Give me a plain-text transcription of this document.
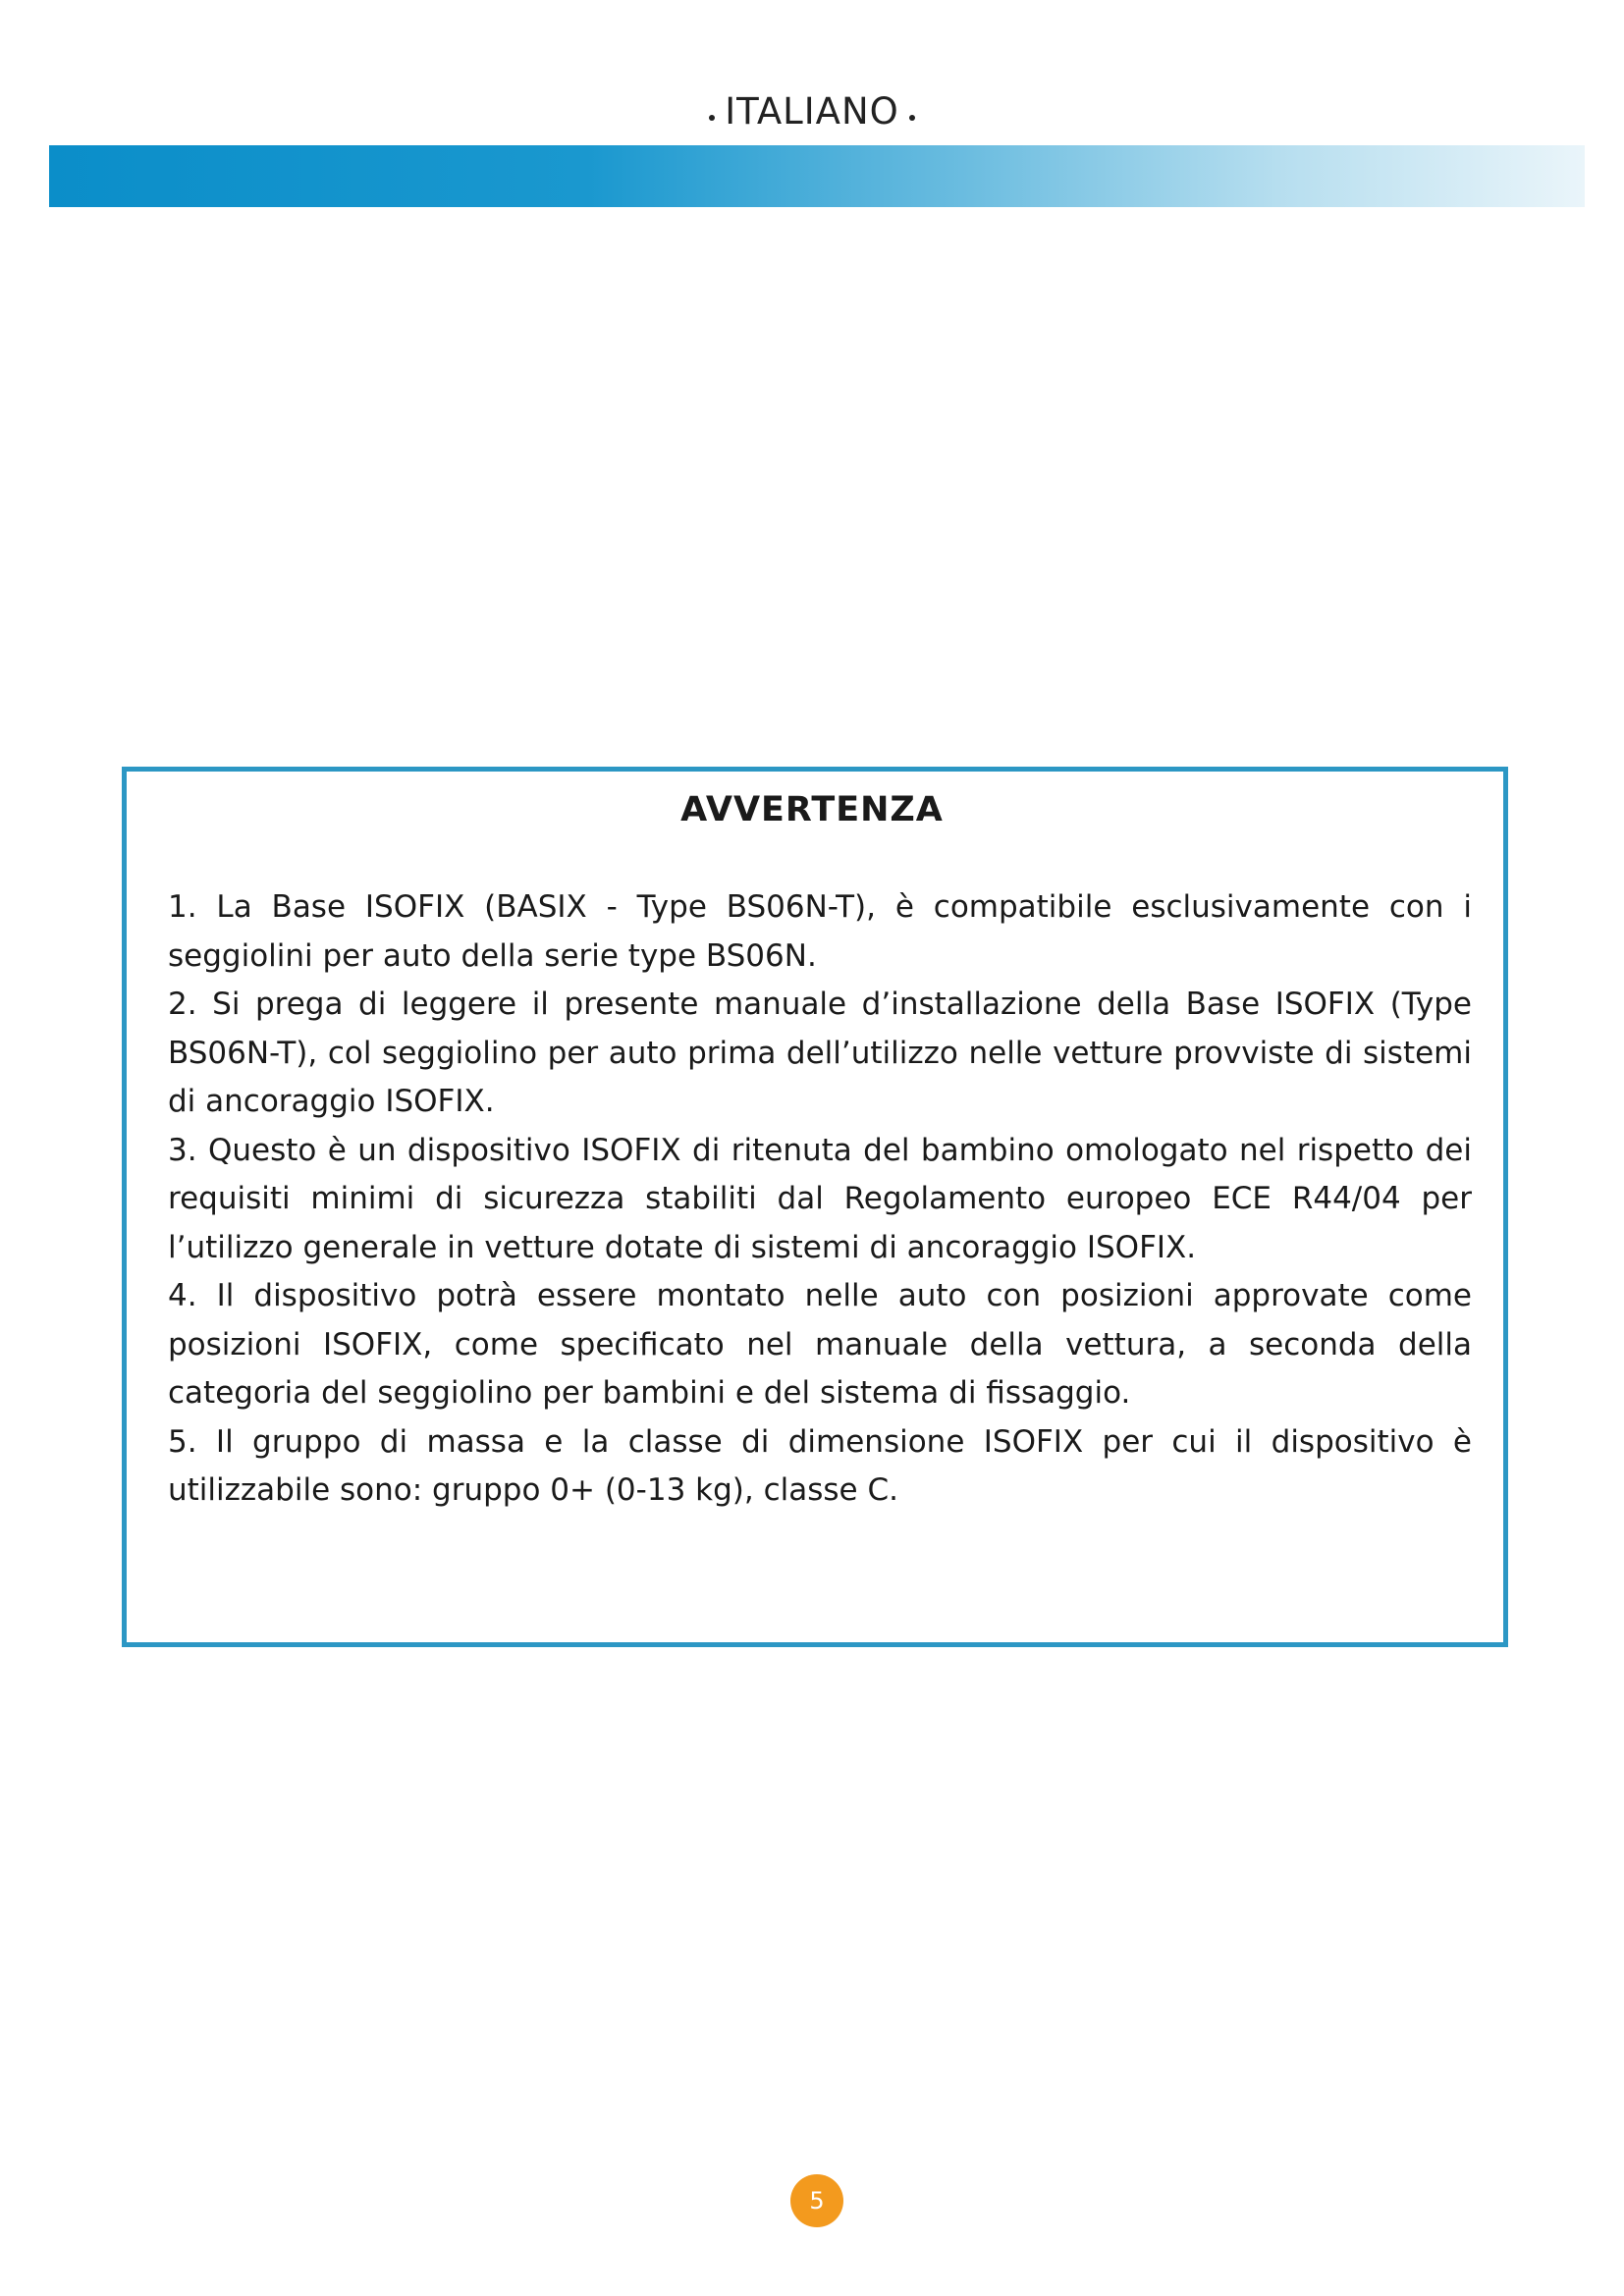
ITALIANO
AVVERTENZA
1. La Base ISOFIX (BASIX - Type BS06N-T), è compatibile esclusivamente con i seggiolini per auto della serie type BS06N.
2. Si prega di leggere il presente manuale d’installazione della Base ISOFIX (Type BS06N-T), col seggiolino per auto prima dell’utilizzo nelle vetture provviste di sistemi di ancoraggio ISOFIX.
3. Questo è un dispositivo ISOFIX di ritenuta del bambino omologato nel rispetto dei requisiti minimi di sicurezza stabiliti dal Regolamento europeo ECE R44/04 per l’utilizzo generale in vetture dotate di sistemi di ancoraggio ISOFIX.
4. Il dispositivo potrà essere montato nelle auto con posizioni approvate come posizioni ISOFIX, come specificato nel manuale della vettura, a seconda della categoria del seggiolino per bambini e del sistema di fissaggio.
5. Il gruppo di massa e la classe di dimensione ISOFIX per cui il dispositivo è utilizzabile sono: gruppo 0+ (0-13 kg), classe C.
5
